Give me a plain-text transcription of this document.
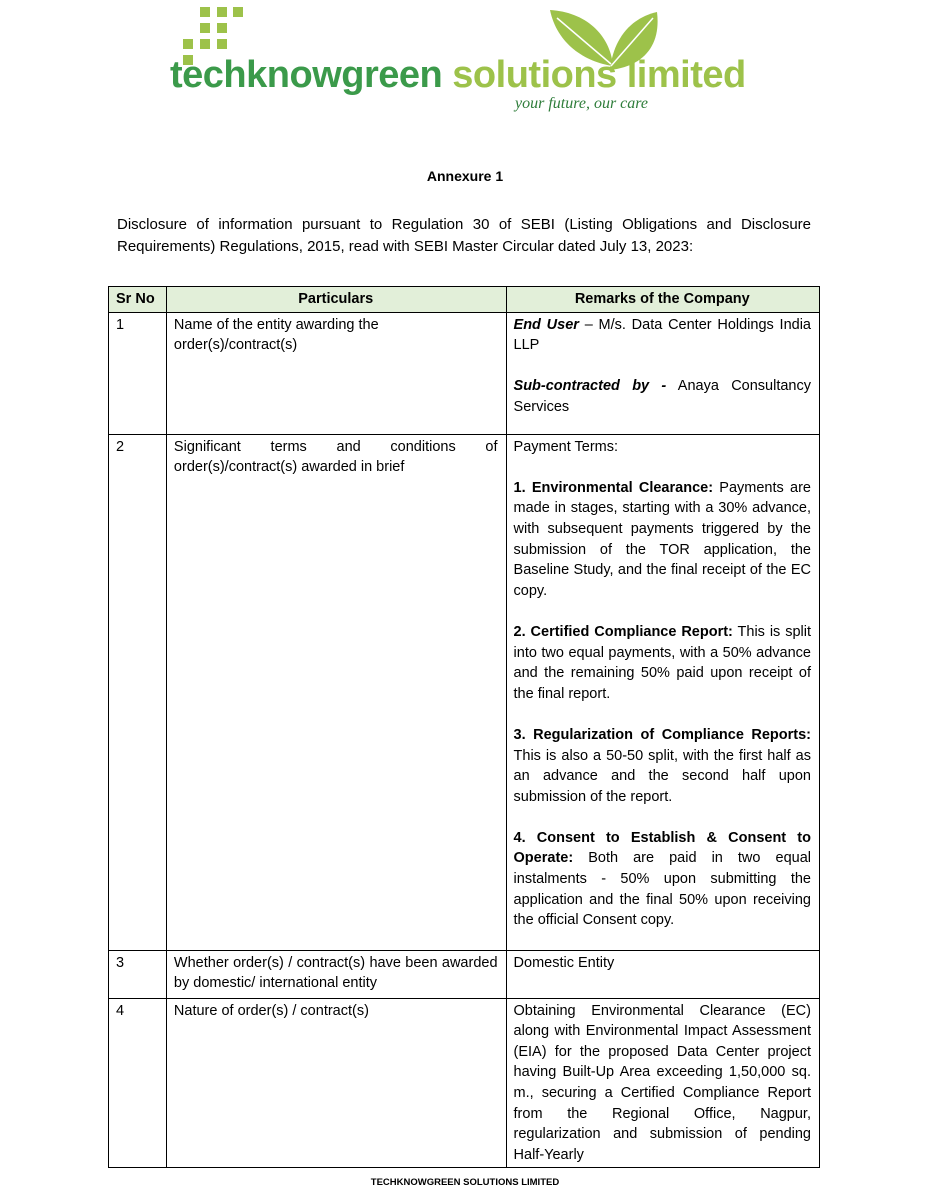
techknowgreen solutions limited
your future, our care
Annexure 1
Disclosure of information pursuant to Regulation 30 of SEBI (Listing Obligations and Disclosure Requirements) Regulations, 2015, read with SEBI Master Circular dated July 13, 2023:
Sr No	Particulars	Remarks of the Company
1	Name of the entity awarding the order(s)/contract(s)	End User – M/s. Data Center Holdings India LLP
Sub-contracted by - Anaya Consultancy Services

2	Significant terms and conditions of order(s)/contract(s) awarded in brief	Payment Terms:
1. Environmental Clearance: Payments are made in stages, starting with a 30% advance, with subsequent payments triggered by the submission of the TOR application, the Baseline Study, and the final receipt of the EC copy.
2. Certified Compliance Report: This is split into two equal payments, with a 50% advance and the remaining 50% paid upon receipt of the final report.
3. Regularization of Compliance Reports: This is also a 50-50 split, with the first half as an advance and the second half upon submission of the report.
4. Consent to Establish & Consent to Operate: Both are paid in two equal instalments - 50% upon submitting the application and the final 50% upon receiving the official Consent copy.

3	Whether order(s) / contract(s) have been awarded by domestic/ international entity	Domestic Entity
4	Nature of order(s) / contract(s)	Obtaining Environmental Clearance (EC) along with Environmental Impact Assessment (EIA) for the proposed Data Center project having Built-Up Area exceeding 1,50,000 sq. m., securing a Certified Compliance Report from the Regional Office, Nagpur, regularization and submission of pending Half-Yearly
TECHKNOWGREEN SOLUTIONS LIMITED
